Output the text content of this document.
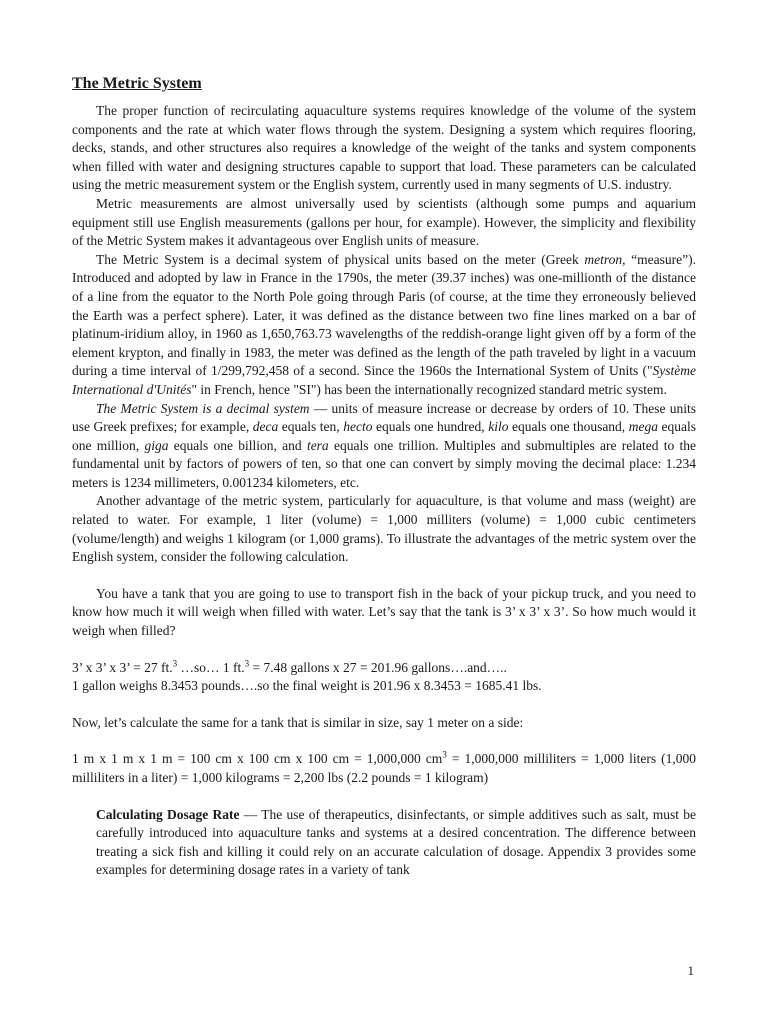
The Metric System

The proper function of recirculating aquaculture systems requires knowledge of the volume of the system components and the rate at which water flows through the system. Designing a system which requires flooring, decks, stands, and other structures also requires a knowledge of the weight of the tanks and system components when filled with water and designing structures capable to support that load. These parameters can be calculated using the metric measurement system or the English system, currently used in many segments of U.S. industry.

Metric measurements are almost universally used by scientists (although some pumps and aquarium equipment still use English measurements (gallons per hour, for example). However, the simplicity and flexibility of the Metric System makes it advantageous over English units of measure.

The Metric System is a decimal system of physical units based on the meter (Greek metron, “measure”). Introduced and adopted by law in France in the 1790s, the meter (39.37 inches) was one-millionth of the distance of a line from the equator to the North Pole going through Paris (of course, at the time they erroneously believed the Earth was a perfect sphere). Later, it was defined as the distance between two fine lines marked on a bar of platinum-iridium alloy, in 1960 as 1,650,763.73 wavelengths of the reddish-orange light given off by a form of the element krypton, and finally in 1983, the meter was defined as the length of the path traveled by light in a vacuum during a time interval of 1/299,792,458 of a second. Since the 1960s the International System of Units ("Système International d'Unités" in French, hence "SI") has been the internationally recognized standard metric system.

The Metric System is a decimal system — units of measure increase or decrease by orders of 10. These units use Greek prefixes; for example, deca equals ten, hecto equals one hundred, kilo equals one thousand, mega equals one million, giga equals one billion, and tera equals one trillion. Multiples and submultiples are related to the fundamental unit by factors of powers of ten, so that one can convert by simply moving the decimal place: 1.234 meters is 1234 millimeters, 0.001234 kilometers, etc.

Another advantage of the metric system, particularly for aquaculture, is that volume and mass (weight) are related to water. For example, 1 liter (volume) = 1,000 milliters (volume) = 1,000 cubic centimeters (volume/length) and weighs 1 kilogram (or 1,000 grams). To illustrate the advantages of the metric system over the English system, consider the following calculation.

You have a tank that you are going to use to transport fish in the back of your pickup truck, and you need to know how much it will weigh when filled with water. Let’s say that the tank is 3’ x 3’ x 3’. So how much would it weigh when filled?

3’ x 3’ x 3’ = 27 ft.$^3$ …so… 1 ft.$^3$ = 7.48 gallons x 27 = 201.96 gallons….and…..

1 gallon weighs 8.3453 pounds….so the final weight is 201.96 x 8.3453 = 1685.41 lbs.

Now, let’s calculate the same for a tank that is similar in size, say 1 meter on a side:

1 m x 1 m x 1 m = 100 cm x 100 cm x 100 cm = 1,000,000 $cm^3 = 1,000,000$ milliliters = 1,000 liters (1,000 milliliters in a liter) = 1,000 kilograms = 2,200 lbs (2.2 pounds = 1 kilogram)

Calculating Dosage Rate — The use of therapeutics, disinfectants, or simple additives such as salt, must be carefully introduced into aquaculture tanks and systems at a desired concentration. The difference between treating a sick fish and killing it could rely on an accurate calculation of dosage. Appendix 3 provides some examples for determining dosage rates in a variety of tank

1
